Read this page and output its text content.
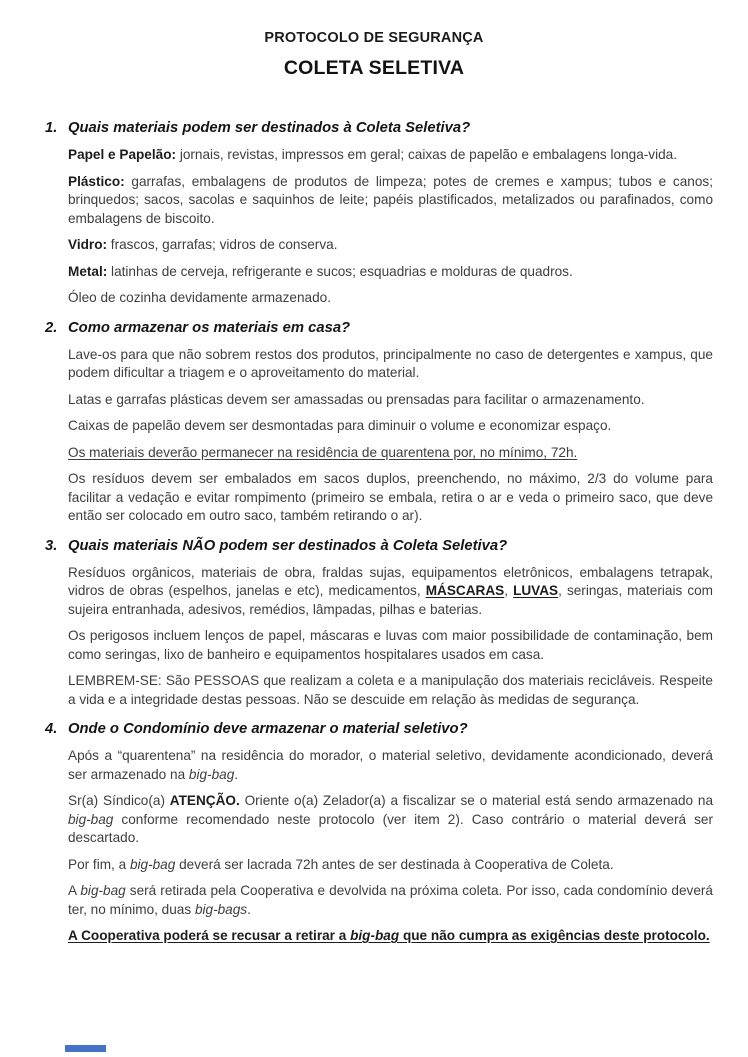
PROTOCOLO DE SEGURANÇA
COLETA SELETIVA
1. Quais materiais podem ser destinados à Coleta Seletiva?

Papel e Papelão: jornais, revistas, impressos em geral; caixas de papelão e embalagens longa-vida.

Plástico: garrafas, embalagens de produtos de limpeza; potes de cremes e xampus; tubos e canos; brinquedos; sacos, sacolas e saquinhos de leite; papéis plastificados, metalizados ou parafinados, como embalagens de biscoito.

Vidro: frascos, garrafas; vidros de conserva.

Metal: latinhas de cerveja, refrigerante e sucos; esquadrias e molduras de quadros.

Óleo de cozinha devidamente armazenado.

2. Como armazenar os materiais em casa?

Lave-os para que não sobrem restos dos produtos, principalmente no caso de detergentes e xampus, que podem dificultar a triagem e o aproveitamento do material.

Latas e garrafas plásticas devem ser amassadas ou prensadas para facilitar o armazenamento.

Caixas de papelão devem ser desmontadas para diminuir o volume e economizar espaço.

Os materiais deverão permanecer na residência de quarentena por, no mínimo, 72h.

Os resíduos devem ser embalados em sacos duplos, preenchendo, no máximo, 2/3 do volume para facilitar a vedação e evitar rompimento (primeiro se embala, retira o ar e veda o primeiro saco, que deve então ser colocado em outro saco, também retirando o ar).

3. Quais materiais NÃO podem ser destinados à Coleta Seletiva?

Resíduos orgânicos, materiais de obra, fraldas sujas, equipamentos eletrônicos, embalagens tetrapak, vidros de obras (espelhos, janelas e etc), medicamentos, MÁSCARAS, LUVAS, seringas, materiais com sujeira entranhada, adesivos, remédios, lâmpadas, pilhas e baterias.

Os perigosos incluem lenços de papel, máscaras e luvas com maior possibilidade de contaminação, bem como seringas, lixo de banheiro e equipamentos hospitalares usados em casa.

LEMBREM-SE: São PESSOAS que realizam a coleta e a manipulação dos materiais recicláveis. Respeite a vida e a integridade destas pessoas. Não se descuide em relação às medidas de segurança.

4. Onde o Condomínio deve armazenar o material seletivo?

Após a “quarentena” na residência do morador, o material seletivo, devidamente acondicionado, deverá ser armazenado na big-bag.

Sr(a) Síndico(a) ATENÇÃO. Oriente o(a) Zelador(a) a fiscalizar se o material está sendo armazenado na big-bag conforme recomendado neste protocolo (ver item 2). Caso contrário o material deverá ser descartado.

Por fim, a big-bag deverá ser lacrada 72h antes de ser destinada à Cooperativa de Coleta.

A big-bag será retirada pela Cooperativa e devolvida na próxima coleta. Por isso, cada condomínio deverá ter, no mínimo, duas big-bags.

A Cooperativa poderá se recusar a retirar a big-bag que não cumpra as exigências deste protocolo.
